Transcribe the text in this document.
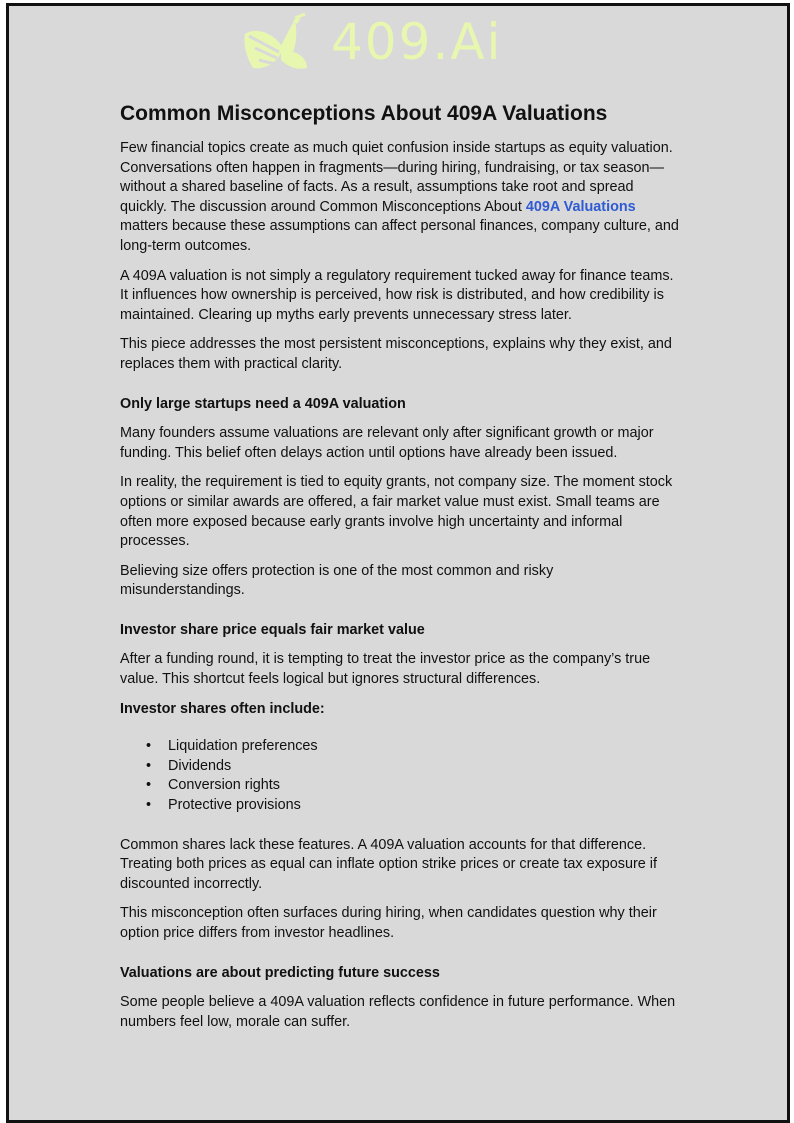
409.Ai
Common Misconceptions About 409A Valuations

Few financial topics create as much quiet confusion inside startups as equity valuation. Conversations often happen in fragments—during hiring, fundraising, or tax season—without a shared baseline of facts. As a result, assumptions take root and spread quickly. The discussion around Common Misconceptions About 409A Valuations matters because these assumptions can affect personal finances, company culture, and long-term outcomes.

A 409A valuation is not simply a regulatory requirement tucked away for finance teams. It influences how ownership is perceived, how risk is distributed, and how credibility is maintained. Clearing up myths early prevents unnecessary stress later.

This piece addresses the most persistent misconceptions, explains why they exist, and replaces them with practical clarity.

Only large startups need a 409A valuation

Many founders assume valuations are relevant only after significant growth or major funding. This belief often delays action until options have already been issued.

In reality, the requirement is tied to equity grants, not company size. The moment stock options or similar awards are offered, a fair market value must exist. Small teams are often more exposed because early grants involve high uncertainty and informal processes.

Believing size offers protection is one of the most common and risky misunderstandings.

Investor share price equals fair market value

After a funding round, it is tempting to treat the investor price as the company’s true value. This shortcut feels logical but ignores structural differences.

Investor shares often include:

• Liquidation preferences
• Dividends
• Conversion rights
• Protective provisions

Common shares lack these features. A 409A valuation accounts for that difference. Treating both prices as equal can inflate option strike prices or create tax exposure if discounted incorrectly.

This misconception often surfaces during hiring, when candidates question why their option price differs from investor headlines.

Valuations are about predicting future success

Some people believe a 409A valuation reflects confidence in future performance. When numbers feel low, morale can suffer.
